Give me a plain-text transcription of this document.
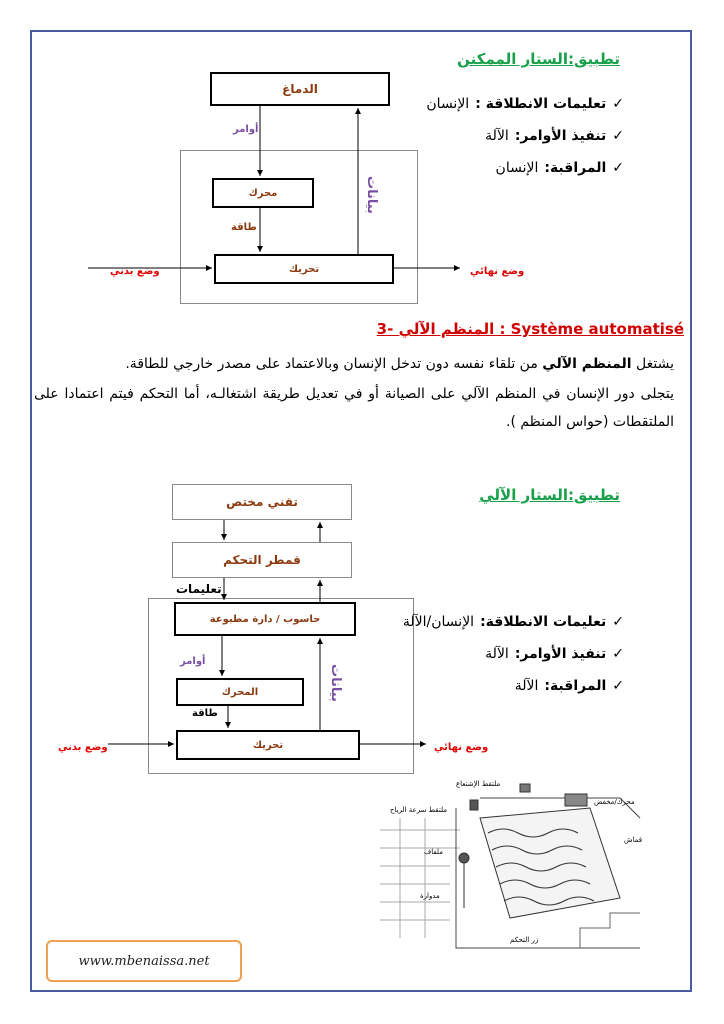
تطبيق:الستار الممكنن
الدماغ
محرك
تحريك
أوامر
طاقة
بيانات
وضع بدني	وضع نهائي
✓
تعليمات الانطلاقة :
الإنسان
✓
تنفيذ الأوامر:
الآلة
✓
المراقبة:
الإنسان
3- المنظم الآلي : Système automatisé
يشتغل المنظم الآلي من تلقاء نفسه دون تدخل الإنسان وبالاعتماد على مصدر خارجي للطاقة.
يتجلى دور الإنسان في المنظم الآلي على الصيانة أو في تعديل طريقة اشتغالـه، أما التحكم فيتم اعتمادا على الملتقطات (حواس المنظم ).
تطبيق:الستار الآلي
تقني مختص
قمطر التحكم
حاسوب / دارة مطبوعة
المحرك
تحريك
تعليمات
أوامر
طاقة
بيانات
وضع بدني	وضع نهائي
✓
تعليمات الانطلاقة:
الإنسان/الآلة
✓
تنفيذ الأوامر:
الآلة
✓
المراقبة:
الآلة
ملتقط الإشتعاع
ملتقط سرعة الرياح
محرك/مخفض
قماش
ملفاف
مدوارة
زر التحكم
www.mbenaissa.net
